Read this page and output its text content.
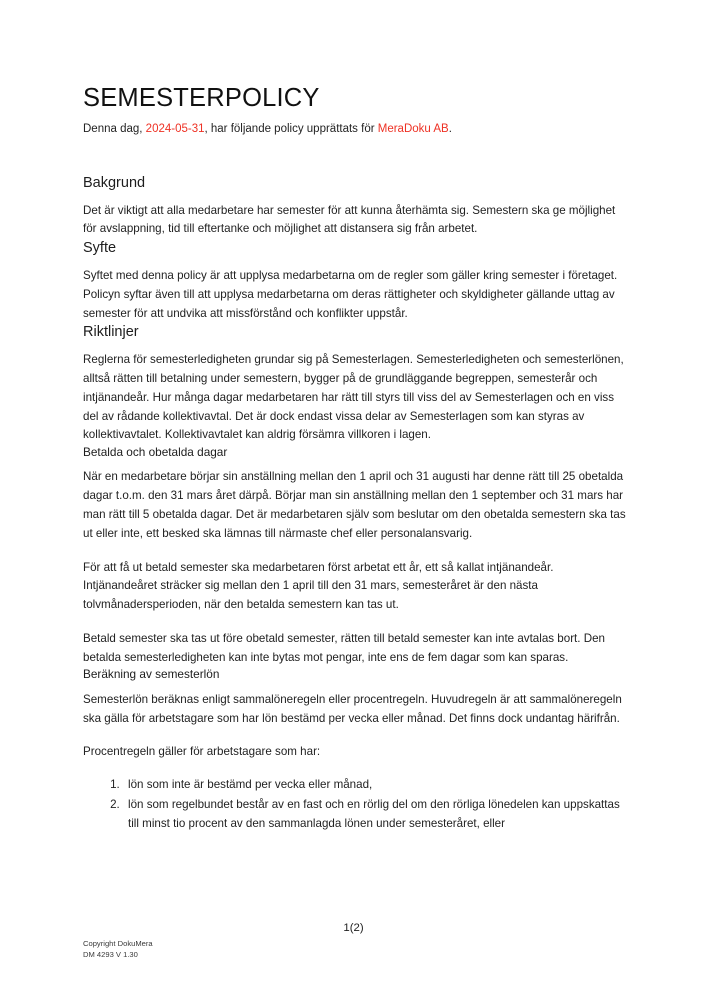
SEMESTERPOLICY

Denna dag, 2024-05-31, har följande policy upprättats för MeraDoku AB.

Bakgrund

Det är viktigt att alla medarbetare har semester för att kunna återhämta sig. Semestern ska ge möjlighet för avslappning, tid till eftertanke och möjlighet att distansera sig från arbetet.

Syfte

Syftet med denna policy är att upplysa medarbetarna om de regler som gäller kring semester i företaget. Policyn syftar även till att upplysa medarbetarna om deras rättigheter och skyldigheter gällande uttag av semester för att undvika att missförstånd och konflikter uppstår.

Riktlinjer

Reglerna för semesterledigheten grundar sig på Semesterlagen. Semesterledigheten och semesterlönen, alltså rätten till betalning under semestern, bygger på de grundläggande begreppen, semesterår och intjänandeår. Hur många dagar medarbetaren har rätt till styrs till viss del av Semesterlagen och en viss del av rådande kollektivavtal. Det är dock endast vissa delar av Semesterlagen som kan styras av kollektivavtalet. Kollektivavtalet kan aldrig försämra villkoren i lagen.

Betalda och obetalda dagar

När en medarbetare börjar sin anställning mellan den 1 april och 31 augusti har denne rätt till 25 obetalda dagar t.o.m. den 31 mars året därpå. Börjar man sin anställning mellan den 1 september och 31 mars har man rätt till 5 obetalda dagar. Det är medarbetaren själv som beslutar om den obetalda semestern ska tas ut eller inte, ett besked ska lämnas till närmaste chef eller personalansvarig.

För att få ut betald semester ska medarbetaren först arbetat ett år, ett så kallat intjänandeår. Intjänandeåret sträcker sig mellan den 1 april till den 31 mars, semesteråret är den nästa tolvmånadersperioden, när den betalda semestern kan tas ut.

Betald semester ska tas ut före obetald semester, rätten till betald semester kan inte avtalas bort. Den betalda semesterledigheten kan inte bytas mot pengar, inte ens de fem dagar som kan sparas.

Beräkning av semesterlön

Semesterlön beräknas enligt sammalöneregeln eller procentregeln. Huvudregeln är att sammalöneregeln ska gälla för arbetstagare som har lön bestämd per vecka eller månad. Det finns dock undantag härifrån.

Procentregeln gäller för arbetstagare som har:

1. lön som inte är bestämd per vecka eller månad,
2. lön som regelbundet består av en fast och en rörlig del om den rörliga lönedelen kan uppskattas till minst tio procent av den sammanlagda lönen under semesteråret, eller
1(2)
Copyright DokuMera
DM 4293 V 1.30
